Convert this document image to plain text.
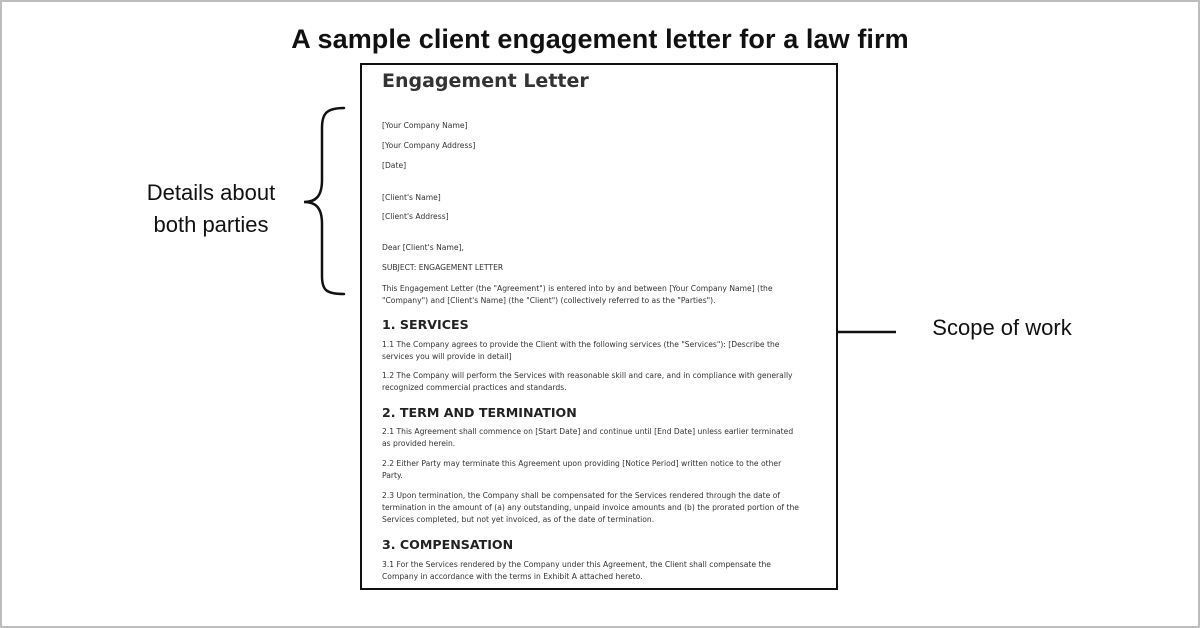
A sample client engagement letter for a law firm
Details about both parties
Scope of work
Engagement Letter
[Your Company Name]
[Your Company Address]
[Date]
[Client's Name]
[Client's Address]
Dear [Client's Name],
SUBJECT: ENGAGEMENT LETTER
This Engagement Letter (the "Agreement") is entered into by and between [Your Company Name] (the "Company") and [Client's Name] (the "Client") (collectively referred to as the "Parties").
1. SERVICES
1.1 The Company agrees to provide the Client with the following services (the "Services"): [Describe the services you will provide in detail]
1.2 The Company will perform the Services with reasonable skill and care, and in compliance with generally recognized commercial practices and standards.
2. TERM AND TERMINATION
2.1 This Agreement shall commence on [Start Date] and continue until [End Date] unless earlier terminated as provided herein.
2.2 Either Party may terminate this Agreement upon providing [Notice Period] written notice to the other Party.
2.3 Upon termination, the Company shall be compensated for the Services rendered through the date of termination in the amount of (a) any outstanding, unpaid invoice amounts and (b) the prorated portion of the Services completed, but not yet invoiced, as of the date of termination.
3. COMPENSATION
3.1 For the Services rendered by the Company under this Agreement, the Client shall compensate the Company in accordance with the terms in Exhibit A attached hereto.
